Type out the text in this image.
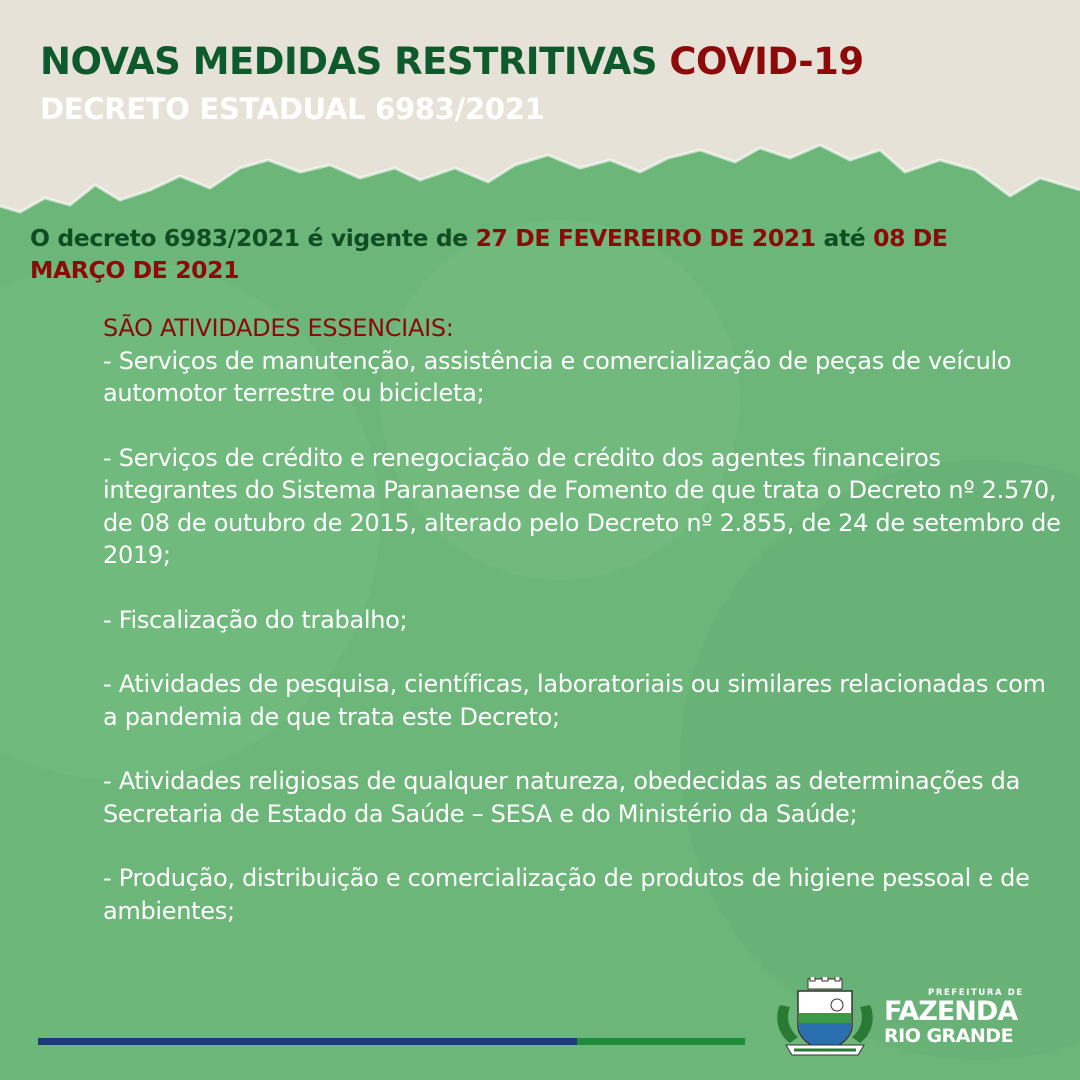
NOVAS MEDIDAS RESTRITIVAS COVID-19
DECRETO ESTADUAL 6983/2021
O decreto 6983/2021 é vigente de 27 DE FEVEREIRO DE 2021 até 08 DE MARÇO DE 2021

SÃO ATIVIDADES ESSENCIAIS:

- Serviços de manutenção, assistência e comercialização de peças de veículo automotor terrestre ou bicicleta;

- Serviços de crédito e renegociação de crédito dos agentes financeiros integrantes do Sistema Paranaense de Fomento de que trata o Decreto nº 2.570, de 08 de outubro de 2015, alterado pelo Decreto nº 2.855, de 24 de setembro de 2019;

- Fiscalização do trabalho;

- Atividades de pesquisa, científicas, laboratoriais ou similares relacionadas com a pandemia de que trata este Decreto;

- Atividades religiosas de qualquer natureza, obedecidas as determinações da Secretaria de Estado da Saúde – SESA e do Ministério da Saúde;

- Produção, distribuição e comercialização de produtos de higiene pessoal e de ambientes;

PREFEITURA DE
FAZENDA
RIO GRANDE
